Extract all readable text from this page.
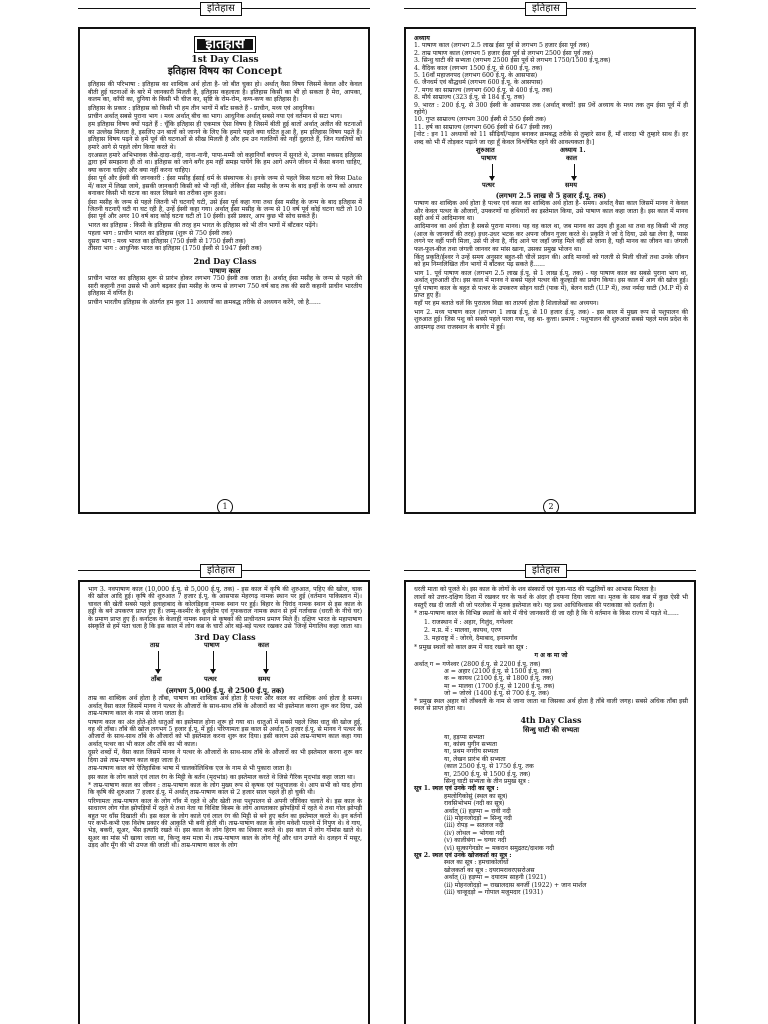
इतिहास
इतिहास
1st Day Class
इतिहास विषय का Concept

इतिहास की परिभाषा : इतिहास का शाब्दिक अर्थ होता है- जो बीत चुका हो। अर्थात् वैसा विषय जिसमें केवल और केवल बीती हुई घटनाओं के बारे में जानकारी मिलती है, इतिहास कहलाता है। इतिहास किसी का भी हो सकता है मेरा, आपका, कलम का, काँपी का, दुनिया के किसी भी चीज का, सृष्टि के रोम-रोम, कण-कण का इतिहास है।

इतिहास के प्रकार : इतिहास को किसी भी हम तीन भागों में बाँट सकते हैं - प्राचीन, मध्य एवं आधुनिक।

प्राचीन अर्थात् सबसे पुराना भाग । मध्य अर्थात् बीच का भाग। आधुनिक अर्थात् सबसे नया एवं वर्तमान से सटा भाग।

हम इतिहास विषय क्यों पढ़ते हैं : चूँकि इतिहास ही एकमात्र ऐसा विषय है जिसमें बीती हुई बातों अर्थात् अतीत की घटनाओं का उल्लेख मिलता है, इसलिए उन बातों को जानने के लिए कि हमारे पहले क्या घटित हुआ है, हम इतिहास विषय पढ़ते हैं। इतिहास विषय पढ़ने से हमें पूर्व की घटनाओं से सीख मिलती है और हम उन गलतियों को नहीं दुहराते हैं, जिन गलतियों को हमारे आगे से पहले लोग किया करते थे।

दरअसल हमारे अभिभावक जैसे-दादा-दादी, नाना-नानी, पापा-मम्मी जो कहानियाँ बचपन में सुनाते थे, उनका मकसद इतिहास द्वारा हमें समझाना ही तो था। इतिहास को जाने बगैर हम नहीं समझ पायेंगे कि हम आगे अपने जीवन में कैसा बनना चाहिए, क्या करना चाहिए और क्या नहीं करना चाहिए।

ईसा पूर्व और ईस्वी की जानकारी : ईसा मसीह ईसाई धर्म के संस्थापक थे। इनके जन्म से पहले किस घटना को किस Date में/ काल में लिखा जाये, इसकी जानकारी किसी को भी नहीं थी, लेकिन ईसा मसीह के जन्म के बाद इन्हीं के जन्म को आधार बनाकर किसी भी घटना का काल लिखने का तरीका शुरू हुआ।

ईसा मसीह के जन्म से पहले जितनी भी घटनाएँ घटी, उसे ईसा पूर्व कहा गया तथा ईसा मसीह के जन्म के बाद इतिहास में जितनी घटनाएँ घटी या घट रही है, उन्हें ईस्वी कहा गया। अर्थात् ईसा मसीह के जन्म से 10 वर्ष पूर्व कोई घटना घटी तो 10 ईसा पूर्व और अगर 10 वर्ष बाद कोई घटना घटी तो 10 ईस्वी। इसी प्रकार, आप कुछ भी सोच सकते हैं।

भारत का इतिहास : किसी के इतिहास की तरह हम भारत के इतिहास को भी तीन भागों में बाँटकर पढ़ेंगे।

पहला भाग : प्राचीन भारत का इतिहास (शुरू से 750 ईस्वी तक)
दूसरा भाग : मध्य भारत का इतिहास (750 ईस्वी से 1750 ईस्वी तक)
तीसरा भाग : आधुनिक भारत का इतिहास (1750 ईस्वी से 1947 ईस्वी तक)
2nd Day Class
पाषाण काल

प्राचीन भारत का इतिहास शुरू से प्रारंभ होकर लगभग 750 ईस्वी तक जाता है। अर्थात् ईसा मसीह के जन्म से पहले की सारी कहानी तथा उससे भी आगे बढ़कर ईसा मसीह के जन्म से लगभग 750 वर्ष बाद तक की सारी कहानी प्राचीन भारतीय इतिहास में वर्णित है।

प्राचीन भारतीय इतिहास के अंतर्गत हम कुल 11 अध्यायों का क्रमबद्ध तरीके से अध्ययन करेंगे, जो है......

1
इतिहास
अध्याय
1. पाषाण काल (लगभग 2.5 लाख ईसा पूर्व से लगभग 5 हजार ईसा पूर्व तक)
2. ताम्र पाषाण काल (लगभग 5 हजार ईसा पूर्व से लगभग 2500 ईसा पूर्व तक)
3. सिन्धु घाटी की सभ्यता (लगभग 2500 ईसा पूर्व से लगभग 1750/1500 ई.पू.तक)
4. वैदिक काल (लगभग 1500 ई.पू. से 600 ई.पू. तक)
5. 16वाँ महाजनपद (लगभग 600 ई.पू. के आसपास)
6. जैनधर्म एवं बौद्धधर्म (लगभग 600 ई.पू. के आसपास)
7. मगध का साम्राज्य (लगभग 600 ई.पू. से 400 ई.पू. तक)
8. मौर्य साम्राज्य (323 ई.पू. से 184 ई.पू. तक)
9. भारत : 200 ई.पू. से 300 ईस्वी के आसपास तक (अर्थात् बच्चों! इस 9वें अध्याय के मध्य तक तुम ईसा पूर्व में ही रहोगे)
10. गुप्त साम्राज्य (लगभग 300 ईस्वी से 550 ईस्वी तक)
11. हर्ष का साम्राज्य (लगभग 606 ईस्वी से 647 ईस्वी तक)

[नोट : इन 11 अध्यायों को 11 सीढ़ियाँ/पड़ाव बनाकर क्रमबद्ध तरीके से तुम्हारे साथ हैं, माँ शारदा भी तुम्हारे साथ हैं। हर शब्द को भी मैं तोड़कर पढ़ाने जा रहा हूँ केवल विश्लेषित रहने की आवश्यकता है।]

शुरुआत	अध्याय 1.
पाषाण	काल
पत्थर	समय
(लगभग 2.5 लाख से 5 हजार ई.पू. तक)

पाषाण का शाब्दिक अर्थ होता है पत्थर एवं काल का शाब्दिक अर्थ होता है- समय। अर्थात् वैसा काल जिसमें मानव ने केवल और केवल पत्थर के औजारों, उपकरणों या हथियारों का इस्तेमाल किया, उसे पाषाण काल कहा जाता है। इस काल में मानव सही अर्थ में आदिमानव था।

आदिमानव का अर्थ होता है सबसे पुराना मानव। यह वह काल था, जब मानव का उदय ही हुआ था तथा वह किसी भी तरह (आज के जानवरों की तरह) इधर-उधर भटक कर अपना जीवन गुजर करते थे। प्रकृति ने जो दे दिया, उसे खा लेना है, प्यास लगने पर वहीं पानी मिला, उसे पी लेना है, नींद आने पर जहाँ जगह मिले वहीं सो जाना है, यही मानव का जीवन था। जंगली फल-फूल-बीज तथा जंगली जानवर का मांस खाना, उसका प्रमुख भोजन था।

किंतु प्रकृति/ईश्वर ने उन्हें समय अनुसार बहुत-सी चीजें प्रदान की। आदि मानवों को गलती से मिली चीजों तथा उनके जीवन को हम निम्नलिखित तीन भागों में बाँटकर पढ़ सकते हैं......

भाग 1. पूर्व पाषाण काल (लगभग 2.5 लाख ई.पू. से 1 लाख ई.पू. तक) - यह पाषाण काल का सबसे पुराना भाग था, अर्थात् शुरुआती दौर। इस काल में मानव ने सबसे पहले पत्थर की कुल्हाड़ी का प्रयोग किया। इस काल में आग की खोज हुई। पूर्व पाषाण काल के बहुत से पत्थर के उपकरण सोहन घाटी (पाक में), बेलन घाटी (U.P में), तथा नर्मदा घाटी (M.P में) से प्राप्त हुए हैं।

यहाँ पर हम बताते चलें कि पुरातत्व विद्या का तात्पर्य होता है शिलालेखों का अध्ययन।

भाग 2. मध्य पाषाण काल (लगभग 1 लाख ई.पू. से 10 हजार ई.पू. तक) - इस काल में मुख्य रूप से पशुपालन की शुरुआत हुई। जिस पशु को सबसे पहले पाला गया, वह था- कुत्ता। प्रमाण : पशुपालन की शुरुआत सबसे पहले मध्य प्रदेश के आदमगढ़ तथा राजस्थान के बागोर में हुई।

2
इतिहास

भाग 3. नवपाषाण काल (10,000 ई.पू. से 5,000 ई.पू. तक) - इस काल में कृषि की शुरुआत, पहिए की खोज, चाक की खोज आदि हुई। कृषि की शुरुआत 7 हजार ई.पू. के आसपास मेहरगढ़ नामक स्थान पर हुई (वर्तमान पाकिस्तान में)। चावल की खेती सबसे पहले इलाहाबाद के कोलडिहवा नामक स्थान पर हुई। बिहार के चिरांद नामक स्थान से इस काल के हड्डी के बने उपकरण प्राप्त हुए हैं। जम्मू-कश्मीर के बुर्जहोम एवं गुफकराल नामक स्थान से हमें गर्तावास (धरती के नीचे घर) के प्रमाण प्राप्त हुए हैं। कर्नाटक के केलाही नामक स्थान से कृषकों की प्राचीनतम प्रमाण मिले हैं। दक्षिण भारत के महापाषाण संस्कृति से हमें पता चला है कि इस काल में लोग कब्र के चारों ओर बड़े-बड़े पत्थर रखकर उसे 'जिन्हें मेगालिथ कहा जाता था।

3rd Day Class
ताम्र	पाषाण	काल
ताँबा	पत्थर	समय
(लगभग 5,000 ई.पू. से 2500 ई.पू. तक)

ताम्र का शाब्दिक अर्थ होता है ताँबा, पाषाण का शाब्दिक अर्थ होता है पत्थर और काल का शाब्दिक अर्थ होता है समय। अर्थात् वैसा काल जिसमें मानव ने पत्थर के औजारों के साथ-साथ ताँबे के औजारों का भी इस्तेमाल करना शुरू कर दिया, उसे ताम्र-पाषाण काल के नाम से जाना जाता है।

पाषाण काल का अंत होते-होते धातुओं का इस्तेमाल होना शुरू हो गया था। धातुओं में सबसे पहले जिस धातु की खोज हुई, वह थी ताँबा। ताँबे की खोज लगभग 5 हजार ई.पू. में हुई। परिणामतः इस काल से अर्थात् 5 हजार ई.पू. से मानव ने पत्थर के औजारों के साथ-साथ ताँबे के औजारों को भी इस्तेमाल करना शुरू कर दिया। इसी कारण उसे ताम्र-पाषाण काल कहा गया अर्थात् पत्थर का भी काल और ताँबे का भी काल।

दूसरे शब्दों में, वैसा काल जिसमें मानव ने पत्थर के औजारों के साथ-साथ ताँबे के औजारों का भी इस्तेमाल करना शुरू कर दिया उसे ताम्र-पाषाण काल कहा जाता है।

ताम्र-पाषाण काल को ऐतिहासिक भाषा में चालकोलिथिक एज के नाम से भी पुकारा जाता है।

इस काल के लोग काले एवं लाल रंग के मिट्टी के बर्तन (मृदभांड) का इस्तेमाल करते थे जिसे गैरिक मृदभांड कहा जाता था।

* ताम्र-पाषाण काल का जीवन : ताम्र-पाषाण काल के लोग मुख्य रूप से कृषक एवं पशुपालक थे। आप सभी को याद होगा कि कृषि की शुरुआत 7 हजार ई.पू. में अर्थात् ताम्र-पाषाण काल से 2 हजार साल पहले ही हो चुकी थी।

परिणामतः ताम्र-पाषाण काल के लोग गाँव में रहते थे और खेती तथा पशुपालन से अपनी जीविका चलाते थे। इस काल के साधारण लोग गोल झोपड़ियों में रहते थे तथा नेता या विशिष्ट किस्म के लोग आयताकार झोपड़ियों में रहते थे तथा गोल झोपड़ी बहुत पर धाँस दिखाती थी। इस काल के लोग काले एवं लाल रंग की मिट्टी से बने हुए बर्तन का इस्तेमाल करते थे। इन बर्तनों पर कभी-कभी एक विशेष प्रकार की आकृति भी बनी होती थी। ताम्र-पाषाण काल के लोग मवेशी पालने में निपुण थे। वे गाय, भेड़, बकरी, सूअर, भैंस इत्यादि रखते थे। इस काल के लोग हिरण का शिकार करते थे। इस काल में लोग गोमांस खाते थे। सूअर का मांस भी खाया जाता था, किन्तु कम मात्रा में। ताम्र-पाषाण काल के लोग गेहूँ और धान उगाते थे। दलहन में मसूर, उड़द और मूँग की भी उपज की जाती थी। ताम्र-पाषाण काल के लोग

इतिहास

धरती माता को पूजते थे। इस काल के लोगों के शव संस्कारों एवं पूजा-पाठ की पद्धतियों का आभास मिलता है।

लाशों को उत्तर-दक्षिण दिशा में रखकर घर के फर्श के अंदर ही दफना दिया जाता था। मृतक के साथ कब्र में कुछ ऐसी भी वस्तुएँ रख दी जाती थी जो परलोक में मृतक इस्तेमाल करे। यह प्रथा आधिविश्वास की पराकाष्ठा को दर्शाता है।

* ताम्र-पाषाण काल के विभिन्न स्थलों के बारे में नीचे जानकारी दी जा रही है कि ये वर्तमान के किस राज्य में पड़ते थे......

1. राजस्थान में : अहार, गिलुंद, गणेश्वर

2. म.प्र. में : मालवा, कायथ, एरण

3. महाराष्ट्र में : जोरवे, दैमाबाद, इनामगाँव

* प्रमुख स्थलों को काल क्रम में याद रखने का सूत्र :

ग अ क मा जो

अर्थात् ग = गणेश्वर (2800 ई.पू. से 2200 ई.पू. तक)
अ = अहार (2100 ई.पू. से 1500 ई.पू. तक)
क = कायथ (2100 ई.पू. से 1800 ई.पू. तक)
मा = मालवा (1700 ई.पू. से 1200 ई.पू. तक)
जो = जोरवे (1400 ई.पू. से 700 ई.पू. तक)

* प्रमुख स्थल अहार को ताँबवती के नाम से जाना जाता था जिसका अर्थ होता है ताँबे वाली जगह। सबसे अधिक ताँबा इसी स्थल से प्राप्त होता था।

4th Day Class
सिन्धु घाटी की सभ्यता
या, हड़प्पा सभ्यता
या, कांस्य युगीन सभ्यता
या, प्रथम नगरीय सभ्यता
या, लेखन प्रारंभ की सभ्यता
(काल 2500 ई.पू. से 1750 ई.पू. तक
या, 2500 ई.पू. से 1500 ई.पू. तक)
सिन्धु घाटी सभ्यता के तीन प्रमुख सूत्र :
सूत्र 1. स्थल एवं उनके नदी का सूत्र :
हमलोगिकोसुं (स्थल का सूत्र)
रावसिभोभम (नदी का सूत्र)
अर्थात् (i) हड़प्पा = रावी नदी
(ii) मोहनजोदड़ो = सिन्धु नदी
(iii) रोपड़ = सतलज नदी
(iv) लोथल = भोगवा नदी
(v) कालीबंगा = घग्घर नदी
(vi) सुत्कागेनडोर = मकरान समुद्रतट/दाशक नदी
सूत्र 2. स्थल एवं उनके खोजकर्ता का सूत्र :
स्थल का सूत्र : हमचाकोलोधों
खोजकर्ता का सूत्र : दयरामरावरएसरोअस
अर्थात् (i) हड़प्पा = दयाराम साहनी (1921)
(ii) मोहनजोदड़ो = राखालदास बनर्जी (1922) + जान मार्शल
(iii) चान्हूदड़ो = गोपाल मजुमदार (1931)
